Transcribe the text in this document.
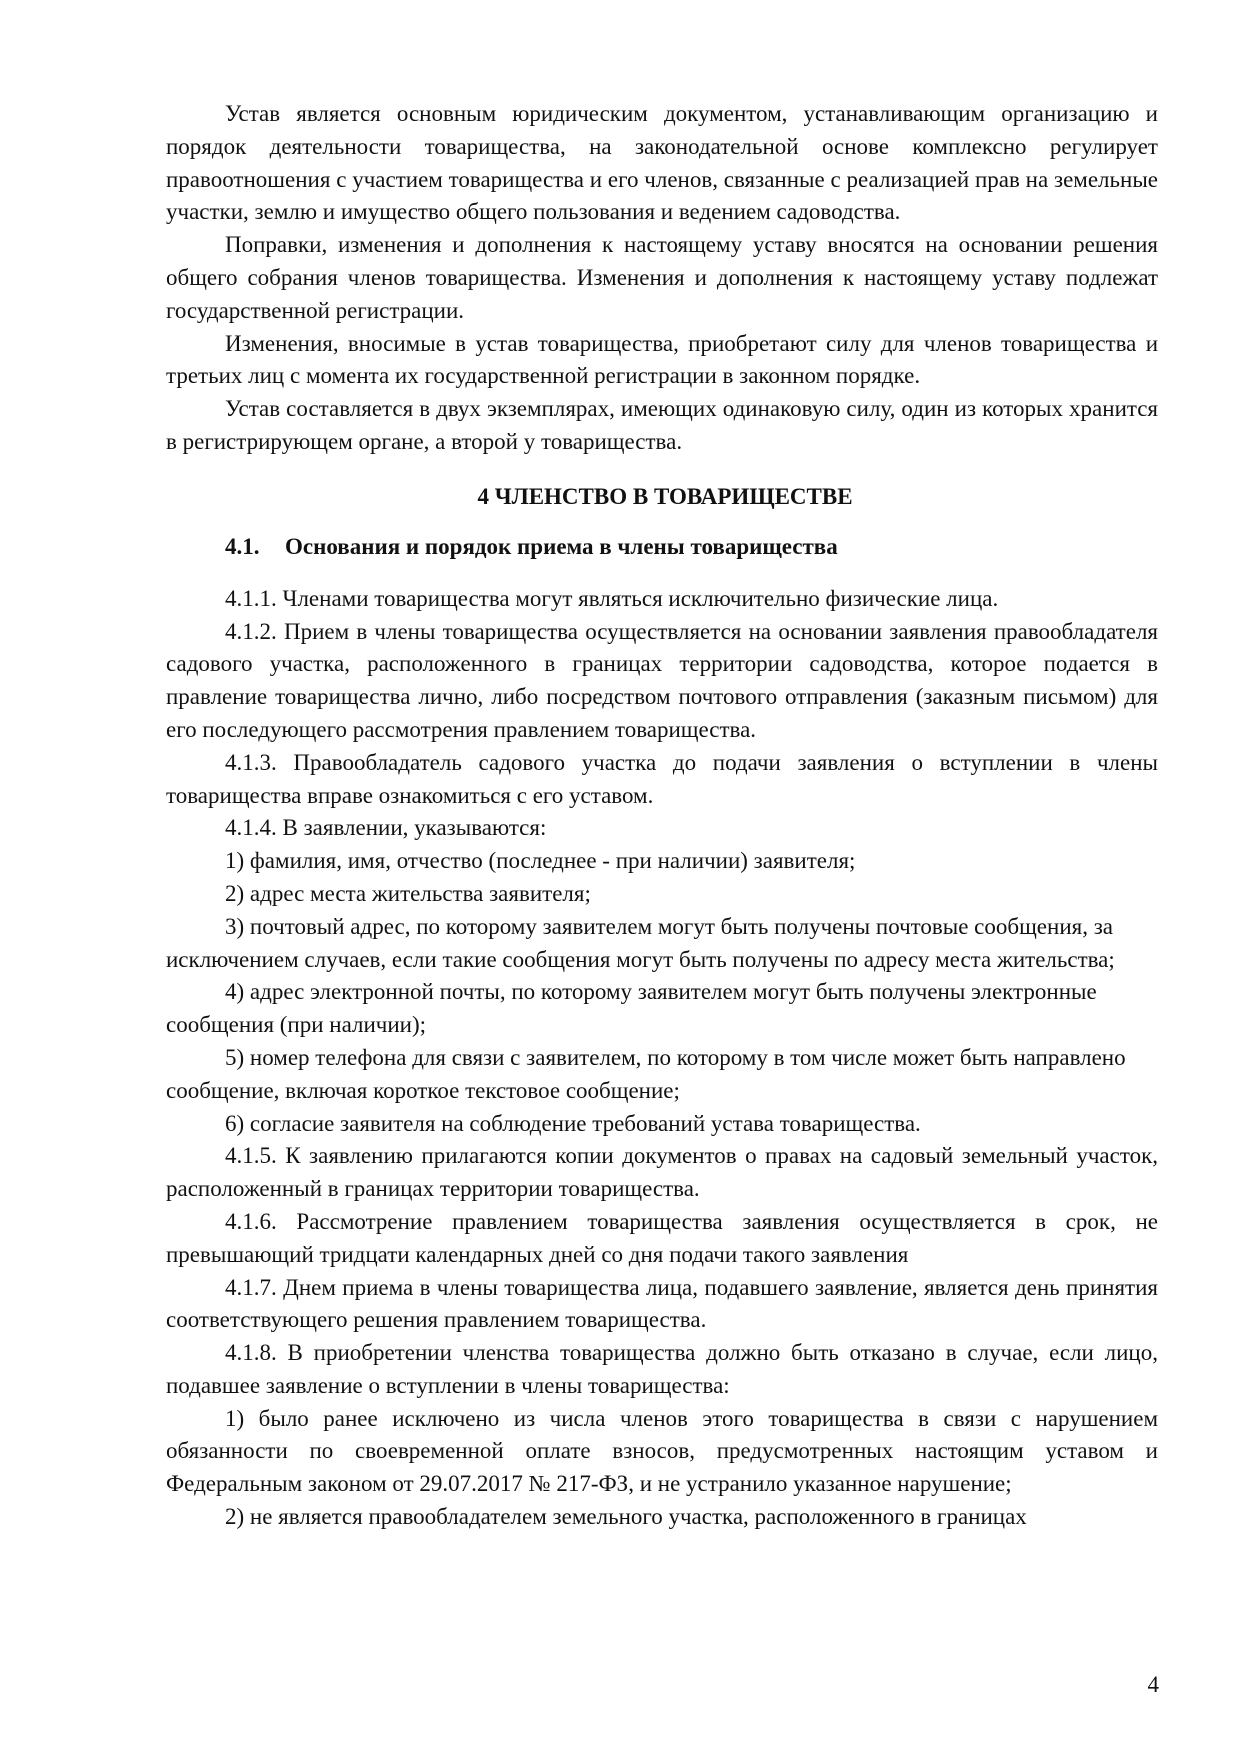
Устав является основным юридическим документом, устанавливающим организацию и порядок деятельности товарищества, на законодательной основе комплексно регулирует правоотношения с участием товарищества и его членов, связанные с реализацией прав на земельные участки, землю и имущество общего пользования и ведением садоводства.

Поправки, изменения и дополнения к настоящему уставу вносятся на основании решения общего собрания членов товарищества. Изменения и дополнения к настоящему уставу подлежат государственной регистрации.

Изменения, вносимые в устав товарищества, приобретают силу для членов товарищества и третьих лиц с момента их государственной регистрации в законном порядке.

Устав составляется в двух экземплярах, имеющих одинаковую силу, один из которых хранится в регистрирующем органе, а второй у товарищества.

4 ЧЛЕНСТВО В ТОВАРИЩЕСТВЕ
4.1. Основания и порядок приема в члены товарищества

4.1.1. Членами товарищества могут являться исключительно физические лица.

4.1.2. Прием в члены товарищества осуществляется на основании заявления правообладателя садового участка, расположенного в границах территории садоводства, которое подается в правление товарищества лично, либо посредством почтового отправления (заказным письмом) для его последующего рассмотрения правлением товарищества.

4.1.3. Правообладатель садового участка до подачи заявления о вступлении в члены товарищества вправе ознакомиться с его уставом.

4.1.4. В заявлении, указываются:

1) фамилия, имя, отчество (последнее - при наличии) заявителя;

2) адрес места жительства заявителя;

3) почтовый адрес, по которому заявителем могут быть получены почтовые сообщения, за исключением случаев, если такие сообщения могут быть получены по адресу места жительства;

4) адрес электронной почты, по которому заявителем могут быть получены электронные сообщения (при наличии);

5) номер телефона для связи с заявителем, по которому в том числе может быть направлено сообщение, включая короткое текстовое сообщение;

6) согласие заявителя на соблюдение требований устава товарищества.

4.1.5. К заявлению прилагаются копии документов о правах на садовый земельный участок, расположенный в границах территории товарищества.

4.1.6. Рассмотрение правлением товарищества заявления осуществляется в срок, не превышающий тридцати календарных дней со дня подачи такого заявления

4.1.7. Днем приема в члены товарищества лица, подавшего заявление, является день принятия соответствующего решения правлением товарищества.

4.1.8. В приобретении членства товарищества должно быть отказано в случае, если лицо, подавшее заявление о вступлении в члены товарищества:

1) было ранее исключено из числа членов этого товарищества в связи с нарушением обязанности по своевременной оплате взносов, предусмотренных настоящим уставом и Федеральным законом от 29.07.2017 № 217-ФЗ, и не устранило указанное нарушение;

2) не является правообладателем земельного участка, расположенного в границах

4
